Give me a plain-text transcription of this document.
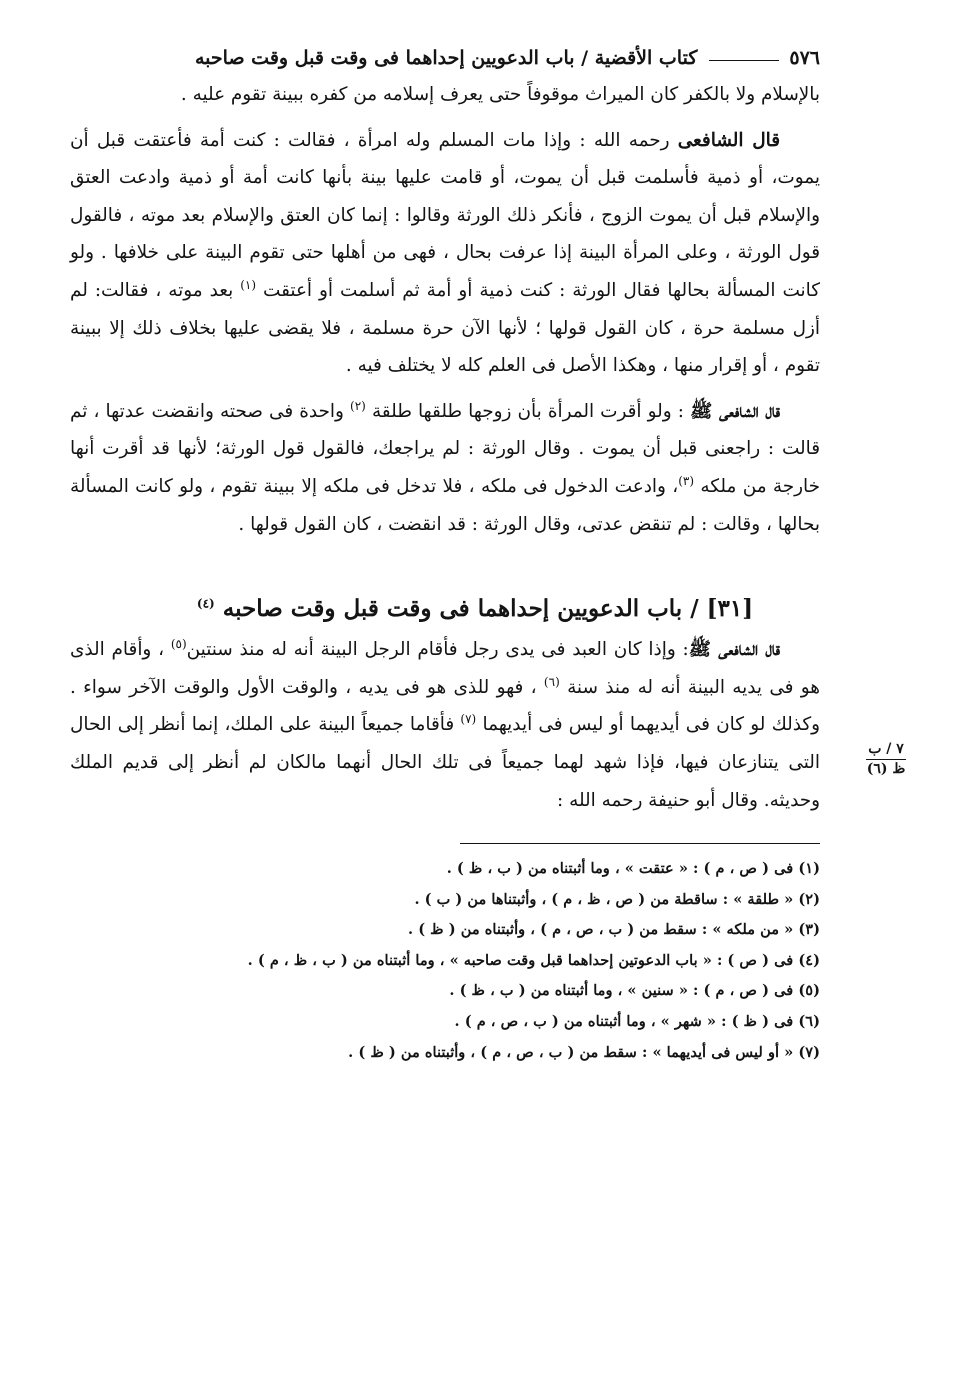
٥٧٦
كتاب الأقضية / باب الدعويين إحداهما فى وقت قبل وقت صاحبه

بالإسلام ولا بالكفر كان الميراث موقوفاً حتى يعرف إسلامه من كفره ببينة تقوم عليه .

قال الشافعى رحمه الله : وإذا مات المسلم وله امرأة ، فقالت : كنت أمة فأعتقت قبل أن يموت، أو ذمية فأسلمت قبل أن يموت، أو قامت عليها بينة بأنها كانت أمة أو ذمية وادعت العتق والإسلام قبل أن يموت الزوج ، فأنكر ذلك الورثة وقالوا : إنما كان العتق والإسلام بعد موته ، فالقول قول الورثة ، وعلى المرأة البينة إذا عرفت بحال ، فهى من أهلها حتى تقوم البينة على خلافها . ولو كانت المسألة بحالها فقال الورثة : كنت ذمية أو أمة ثم أسلمت أو أعتقت $^{(١)}$ بعد موته ، فقالت: لم أزل مسلمة حرة ، كان القول قولها ؛ لأنها الآن حرة مسلمة ، فلا يقضى عليها بخلاف ذلك إلا ببينة تقوم ، أو إقرار منها ، وهكذا الأصل فى العلم كله لا يختلف فيه .

قال الشافعى ﷺ : ولو أقرت المرأة بأن زوجها طلقها طلقة $^{(٢)}$ واحدة فى صحته وانقضت عدتها ، ثم قالت : راجعنى قبل أن يموت . وقال الورثة : لم يراجعك، فالقول قول الورثة؛ لأنها قد أقرت أنها خارجة من ملكه $^{(٣)}$، وادعت الدخول فى ملكه ، فلا تدخل فى ملكه إلا ببينة تقوم ، ولو كانت المسألة بحالها ، وقالت : لم تنقض عدتى، وقال الورثة : قد انقضت ، كان القول قولها .

[٣١] / باب الدعويين إحداهما فى وقت قبل وقت صاحبه $^{(٤)}$

قال الشافعى ﷺ: وإذا كان العبد فى يدى رجل فأقام الرجل البينة أنه له منذ سنتين$^{(٥)}$ ، وأقام الذى هو فى يديه البينة أنه له منذ سنة $^{(٦)}$ ، فهو للذى هو فى يديه ، والوقت الأول والوقت الآخر سواء . وكذلك لو كان فى أيديهما أو ليس فى أيديهما $^{(٧)}$ فأقاما جميعاً البينة على الملك، إنما أنظر إلى الحال التى يتنازعان فيها، فإذا شهد لهما جميعاً فى تلك الحال أنهما مالكان لم أنظر إلى قديم الملك وحديثه. وقال أبو حنيفة رحمه الله :

(١) فى ( ص ، م ) : « عتقت » ، وما أثبتناه من ( ب ، ظ ) .

(٢) « طلقة » : ساقطة من ( ص ، ظ ، م ) ، وأثبتناها من ( ب ) .

(٣) « من ملكه » : سقط من ( ب ، ص ، م ) ، وأثبتناه من ( ظ ) .

(٤) فى ( ص ) : « باب الدعوتين إحداهما قبل وقت صاحبه » ، وما أثبتناه من ( ب ، ظ ، م ) .

(٥) فى ( ص ، م ) : « سنين » ، وما أثبتناه من ( ب ، ظ ) .

(٦) فى ( ظ ) : « شهر » ، وما أثبتناه من ( ب ، ص ، م ) .

(٧) « أو ليس فى أيديهما » : سقط من ( ب ، ص ، م ) ، وأثبتناه من ( ظ ) .

٧ / ب
ظ (٦)
